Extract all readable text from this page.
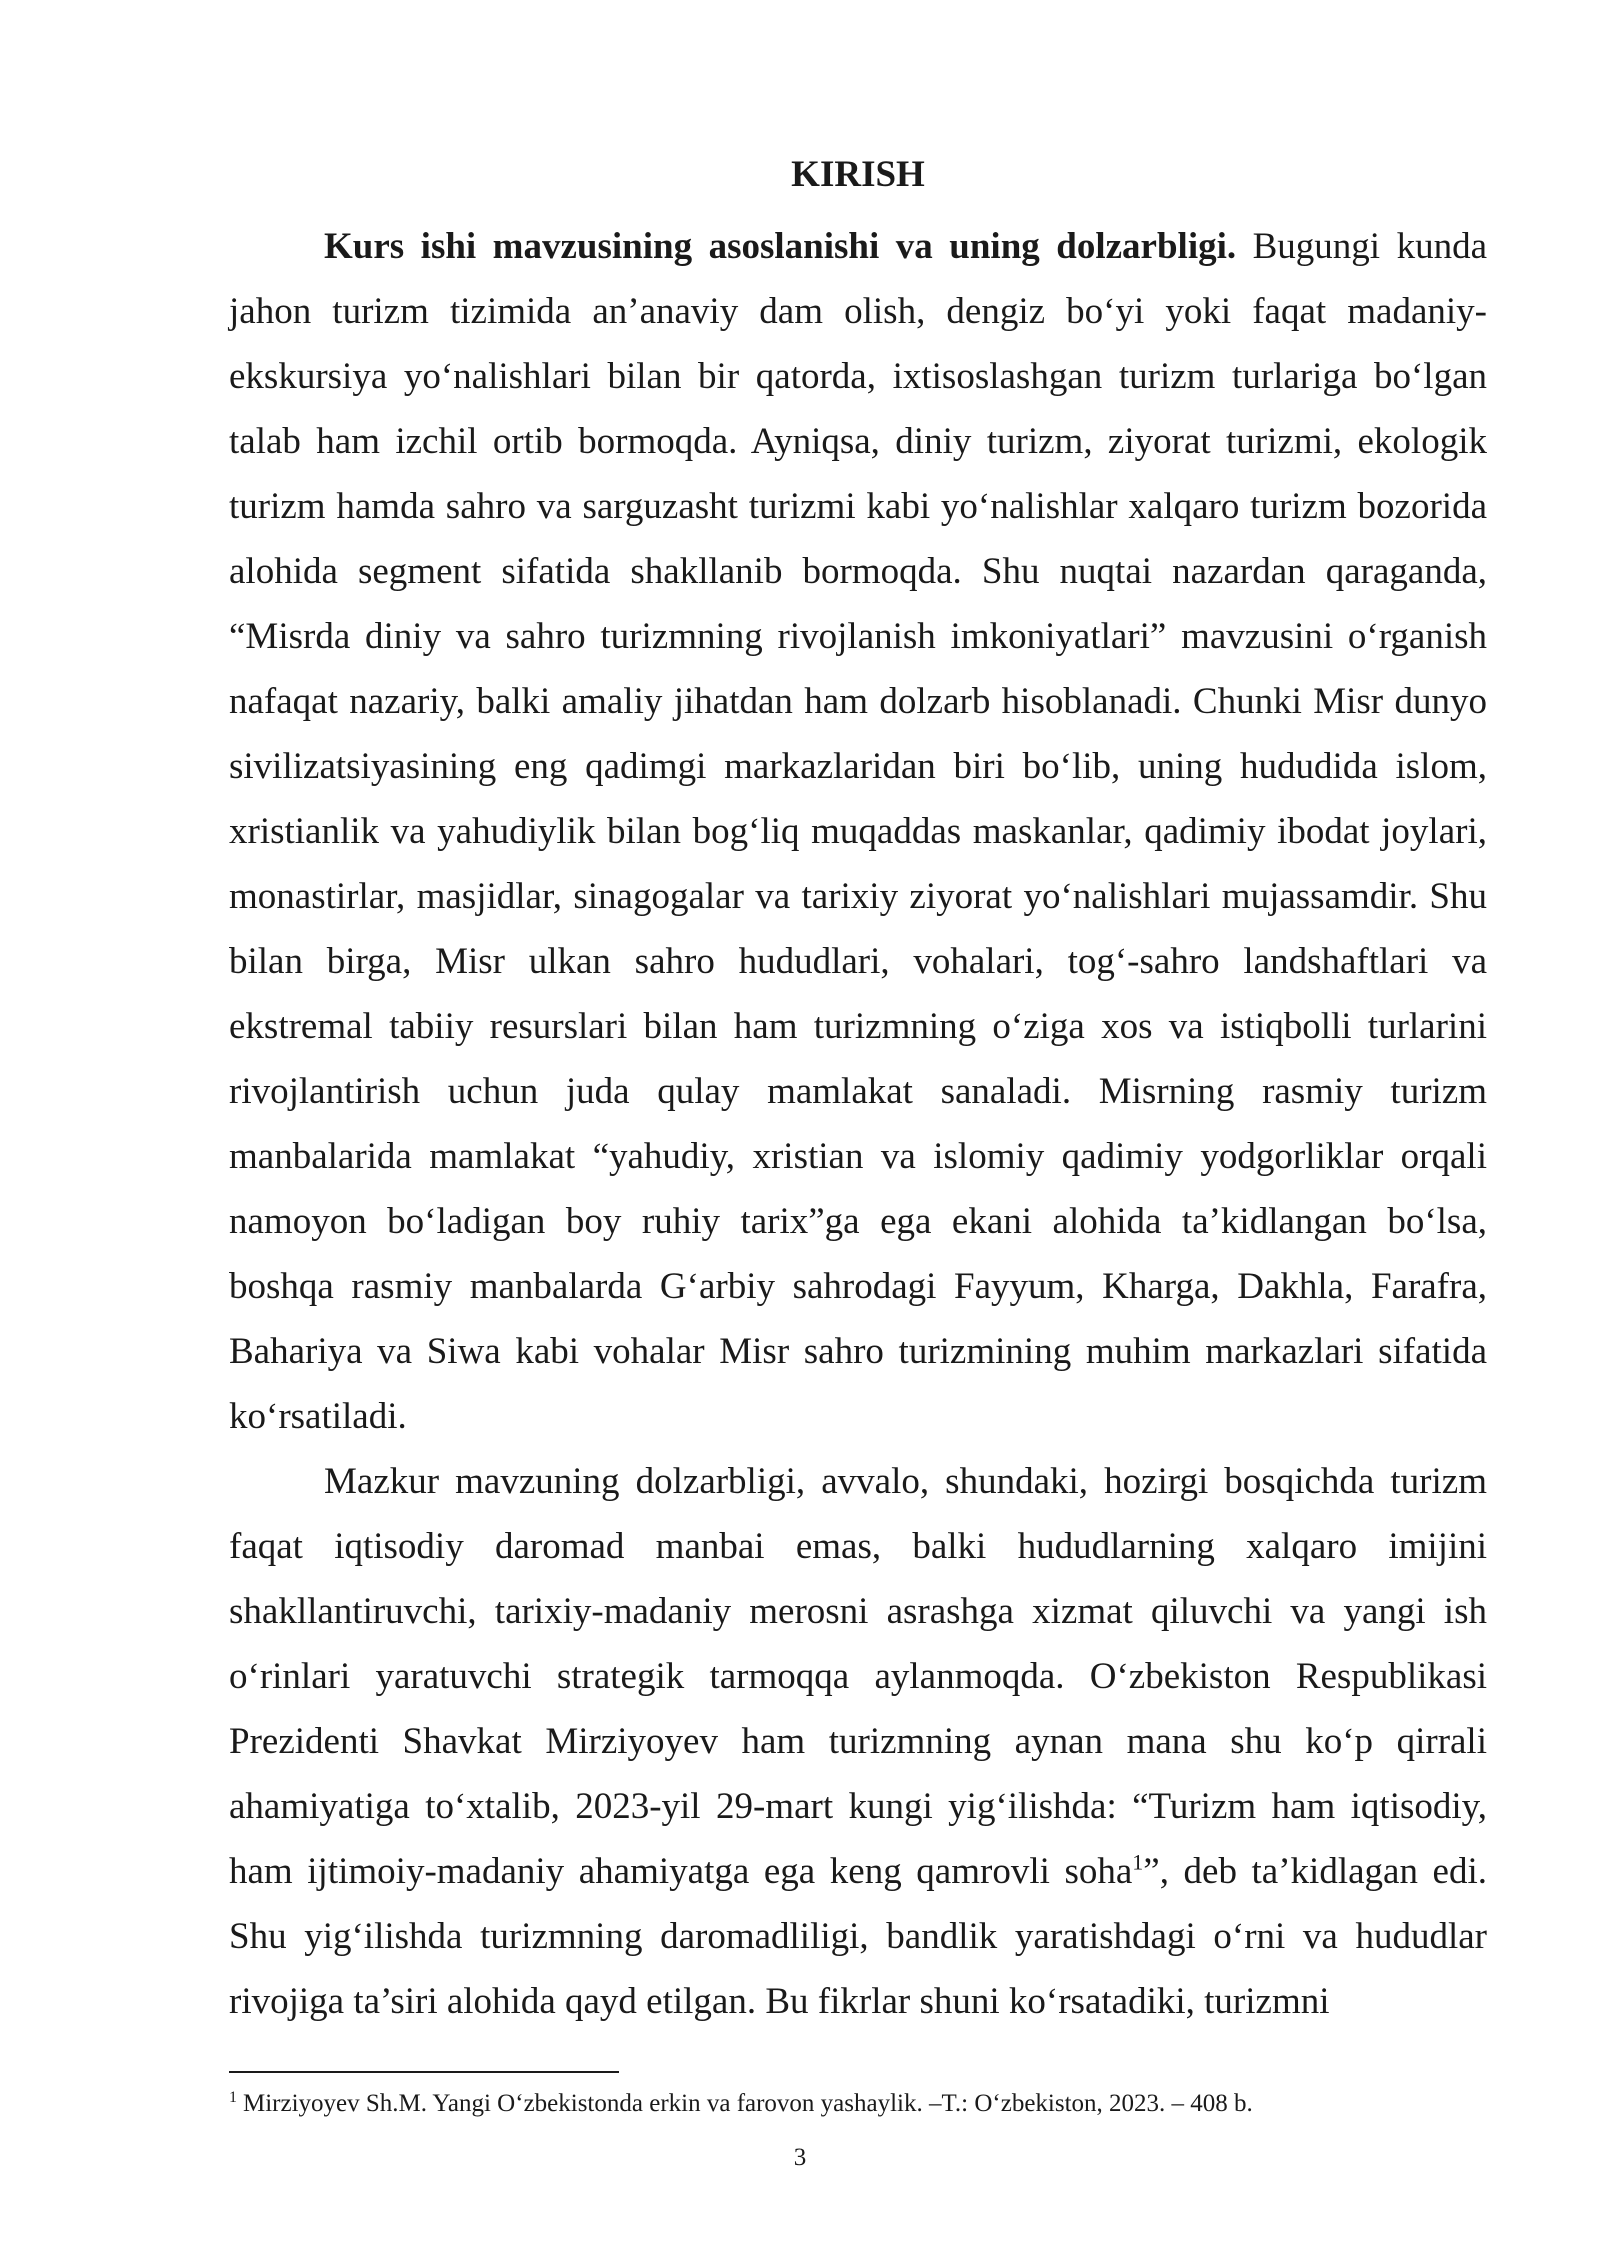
KIRISH

Kurs ishi mavzusining asoslanishi va uning dolzarbligi. Bugungi kunda jahon turizm tizimida an’anaviy dam olish, dengiz bo‘yi yoki faqat madaniy-ekskursiya yo‘nalishlari bilan bir qatorda, ixtisoslashgan turizm turlariga bo‘lgan talab ham izchil ortib bormoqda. Ayniqsa, diniy turizm, ziyorat turizmi, ekologik turizm hamda sahro va sarguzasht turizmi kabi yo‘nalishlar xalqaro turizm bozorida alohida segment sifatida shakllanib bormoqda. Shu nuqtai nazardan qaraganda, “Misrda diniy va sahro turizmning rivojlanish imkoniyatlari” mavzusini o‘rganish nafaqat nazariy, balki amaliy jihatdan ham dolzarb hisoblanadi. Chunki Misr dunyo sivilizatsiyasining eng qadimgi markazlaridan biri bo‘lib, uning hududida islom, xristianlik va yahudiylik bilan bog‘liq muqaddas maskanlar, qadimiy ibodat joylari, monastirlar, masjidlar, sinagogalar va tarixiy ziyorat yo‘nalishlari mujassamdir. Shu bilan birga, Misr ulkan sahro hududlari, vohalari, tog‘-sahro landshaftlari va ekstremal tabiiy resurslari bilan ham turizmning o‘ziga xos va istiqbolli turlarini rivojlantirish uchun juda qulay mamlakat sanaladi. Misrning rasmiy turizm manbalarida mamlakat “yahudiy, xristian va islomiy qadimiy yodgorliklar orqali namoyon bo‘ladigan boy ruhiy tarix”ga ega ekani alohida ta’kidlangan bo‘lsa, boshqa rasmiy manbalarda G‘arbiy sahrodagi Fayyum, Kharga, Dakhla, Farafra, Bahariya va Siwa kabi vohalar Misr sahro turizmining muhim markazlari sifatida ko‘rsatiladi.

Mazkur mavzuning dolzarbligi, avvalo, shundaki, hozirgi bosqichda turizm faqat iqtisodiy daromad manbai emas, balki hududlarning xalqaro imijini shakllantiruvchi, tarixiy-madaniy merosni asrashga xizmat qiluvchi va yangi ish o‘rinlari yaratuvchi strategik tarmoqqa aylanmoqda. O‘zbekiston Respublikasi Prezidenti Shavkat Mirziyoyev ham turizmning aynan mana shu ko‘p qirrali ahamiyatiga to‘xtalib, 2023-yil 29-mart kungi yig‘ilishda: “Turizm ham iqtisodiy, ham ijtimoiy-madaniy ahamiyatga ega keng qamrovli soha$^1$”, deb ta’kidlagan edi. Shu yig‘ilishda turizmning daromadliligi, bandlik yaratishdagi o‘rni va hududlar rivojiga ta’siri alohida qayd etilgan. Bu fikrlar shuni ko‘rsatadiki, turizmni

$^1$ Mirziyoyev Sh.M. Yangi O‘zbekistonda erkin va farovon yashaylik. –T.: O‘zbekiston, 2023. – 408 b.

3
